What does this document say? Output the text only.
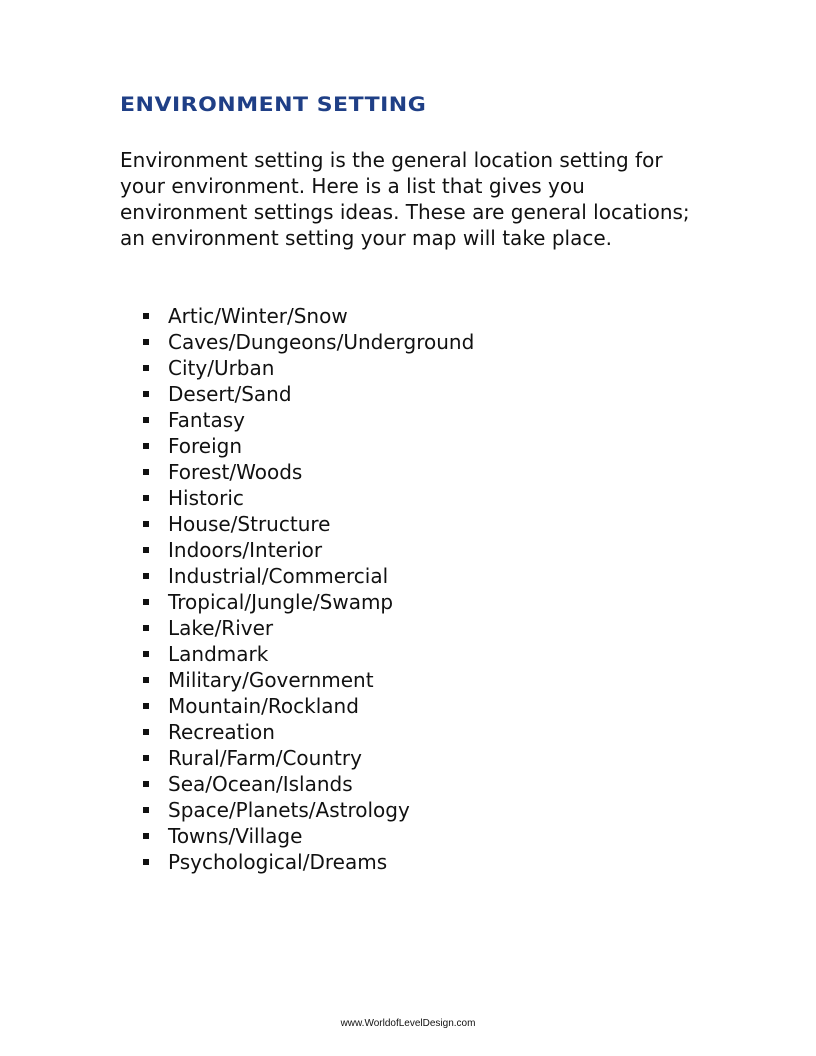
ENVIRONMENT SETTING

Environment setting is the general location setting for your environment. Here is a list that gives you environment settings ideas. These are general locations; an environment setting your map will take place.

Artic/Winter/Snow
Caves/Dungeons/Underground
City/Urban
Desert/Sand
Fantasy
Foreign
Forest/Woods
Historic
House/Structure
Indoors/Interior
Industrial/Commercial
Tropical/Jungle/Swamp
Lake/River
Landmark
Military/Government
Mountain/Rockland
Recreation
Rural/Farm/Country
Sea/Ocean/Islands
Space/Planets/Astrology
Towns/Village
Psychological/Dreams
www.WorldofLevelDesign.com
